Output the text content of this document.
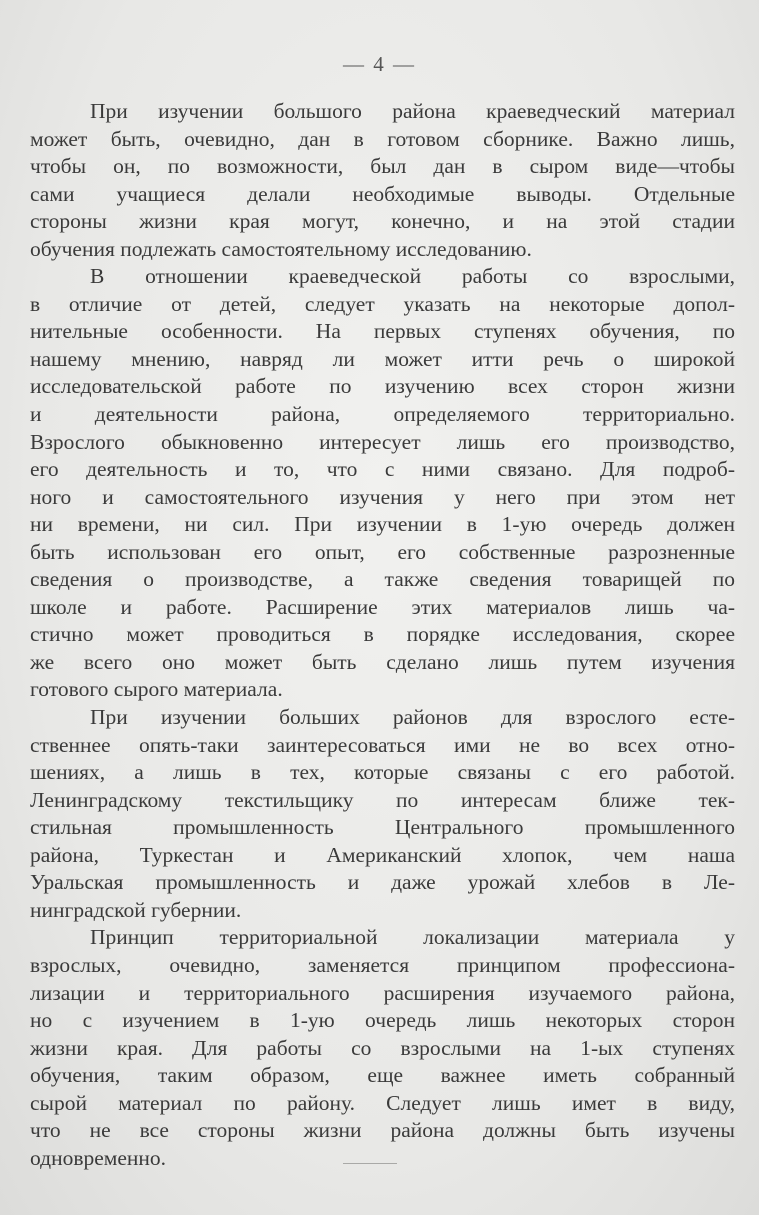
— 4 —
При изучении большого района краеведческий материал
может быть, очевидно, дан в готовом сборнике. Важно лишь,
чтобы он, по возможности, был дан в сыром виде—чтобы
сами учащиеся делали необходимые выводы. Отдельные
стороны жизни края могут, конечно, и на этой стадии
обучения подлежать самостоятельному исследованию.
В отношении краеведческой работы со взрослыми,
в отличие от детей, следует указать на некоторые допол-
нительные особенности. На первых ступенях обучения, по
нашему мнению, навряд ли может итти речь о широкой
исследовательской работе по изучению всех сторон жизни
и деятельности района, определяемого территориально.
Взрослого обыкновенно интересует лишь его производство,
его деятельность и то, что с ними связано. Для подроб-
ного и самостоятельного изучения у него при этом нет
ни времени, ни сил. При изучении в 1-ую очередь должен
быть использован его опыт, его собственные разрозненные
сведения о производстве, а также сведения товарищей по
школе и работе. Расширение этих материалов лишь ча-
стично может проводиться в порядке исследования, скорее
же всего оно может быть сделано лишь путем изучения
готового сырого материала.
При изучении больших районов для взрослого есте-
ственнее опять-таки заинтересоваться ими не во всех отно-
шениях, а лишь в тех, которые связаны с его работой.
Ленинградскому текстильщику по интересам ближе тек-
стильная промышленность Центрального промышленного
района, Туркестан и Американский хлопок, чем наша
Уральская промышленность и даже урожай хлебов в Ле-
нинградской губернии.
Принцип территориальной локализации материала у
взрослых, очевидно, заменяется принципом профессиона-
лизации и территориального расширения изучаемого района,
но с изучением в 1-ую очередь лишь некоторых сторон
жизни края. Для работы со взрослыми на 1-ых ступенях
обучения, таким образом, еще важнее иметь собранный
сырой материал по району. Следует лишь имет в виду,
что не все стороны жизни района должны быть изучены
одновременно.
